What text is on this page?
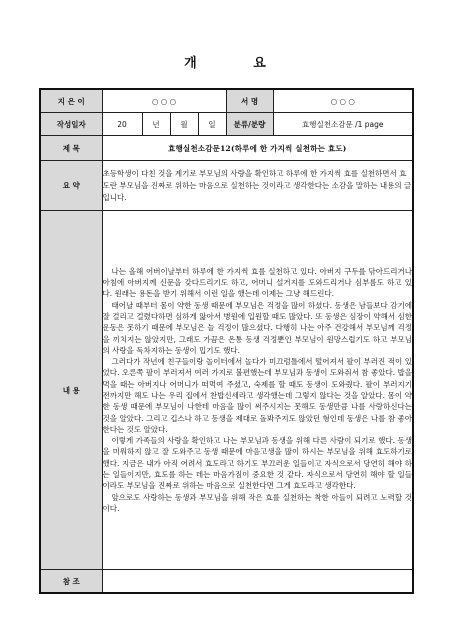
개 요
지 은 이	○ ○ ○				서 명	○ ○ ○
작성일자	20	년	월	일	분류/분량	효행실천소감문 /1 page
제 목	효행실천소감문12(하루에 한 가지씩 실천하는 효도)					
요 약	초등학생이 다친 것을 계기로 부모님의 사랑을 확인하고 하루에 한 가지씩 효를 실천하면서 효도란 부모님을 진짜로 위하는 마음으로 실천하는 것이라고 생각한다는 소감을 말하는 내용의 글입니다.					
내 용	나는 올해 어버이날부터 하루에 한 가지씩 효를 실천하고 있다. 아버지 구두를 닦아드리거나 아침에 아버지께 신문을 갖다드리기도 하고, 어머니 설거지를 도와드리거나 심부름도 하고 있다. 원래는 용돈을 받기 위해서 이런 일을 했는데 이제는 그냥 해드린다.

태어날 때부터 몸이 약한 동생 때문에 부모님은 걱정을 많이 하셨다. 동생은 남들보다 감기에 잘 걸리고 걸렸다하면 심하게 앓아서 병원에 입원할 때도 많았다. 또 동생은 심장이 약해서 심한 운동은 못하기 때문에 부모님은 늘 걱정이 많으셨다. 다행히 나는 아주 건강해서 부모님께 걱정을 끼치지는 않았지만, 그래도 가끔은 온통 동생 걱정뿐인 부모님이 원망스럽기도 하고 부모님의 사랑을 독차지하는 동생이 밉기도 했다.

그러다가 작년에 친구들이랑 놀이터에서 놀다가 미끄럼틀에서 떨어져서 팔이 부러진 적이 있었다. 오른쪽 팔이 부러져서 여러 가지로 불편했는데 부모님과 동생이 도와줘서 참 좋았다. 밥을 먹을 때는 아버지나 어머니가 떠먹여 주셨고, 숙제를 할 때도 동생이 도와줬다. 팔이 부러지기 전까지만 해도 나는 우리 집에서 찬밥신세라고 생각했는데 그렇지 않다는 것을 알았다. 몸이 약한 동생 때문에 부모님이 나한테 마음을 많이 써주시지는 못해도 동생만큼 나를 사랑하신다는 것을 알았다. 그리고 깁스나 하고 동생을 제대로 돌봐주지도 않았던 형인데 동생은 나를 참 좋아한다는 것도 알았다.

이렇게 가족들의 사랑을 확인하고 나는 부모님과 동생을 위해 다른 사람이 되기로 했다. 동생을 미워하지 않고 잘 도와주고 동생 때문에 마음고생을 많이 하시는 부모님을 위해 효도하기로 했다. 지금은 내가 아직 어려서 효도라고 하기도 부끄러운 일들이고 자식으로서 당연히 해야 하는 일들이지만, 효도를 하는 데는 마음가짐이 중요한 것 같다. 자식으로서 당연히 해야 할 일들이라도 부모님을 진짜로 위하는 마음으로 실천한다면 그게 효도라고 생각한다.

앞으로도 사랑하는 동생과 부모님을 위해 작은 효를 실천하는 착한 아들이 되려고 노력할 것이다.					

참 조						
